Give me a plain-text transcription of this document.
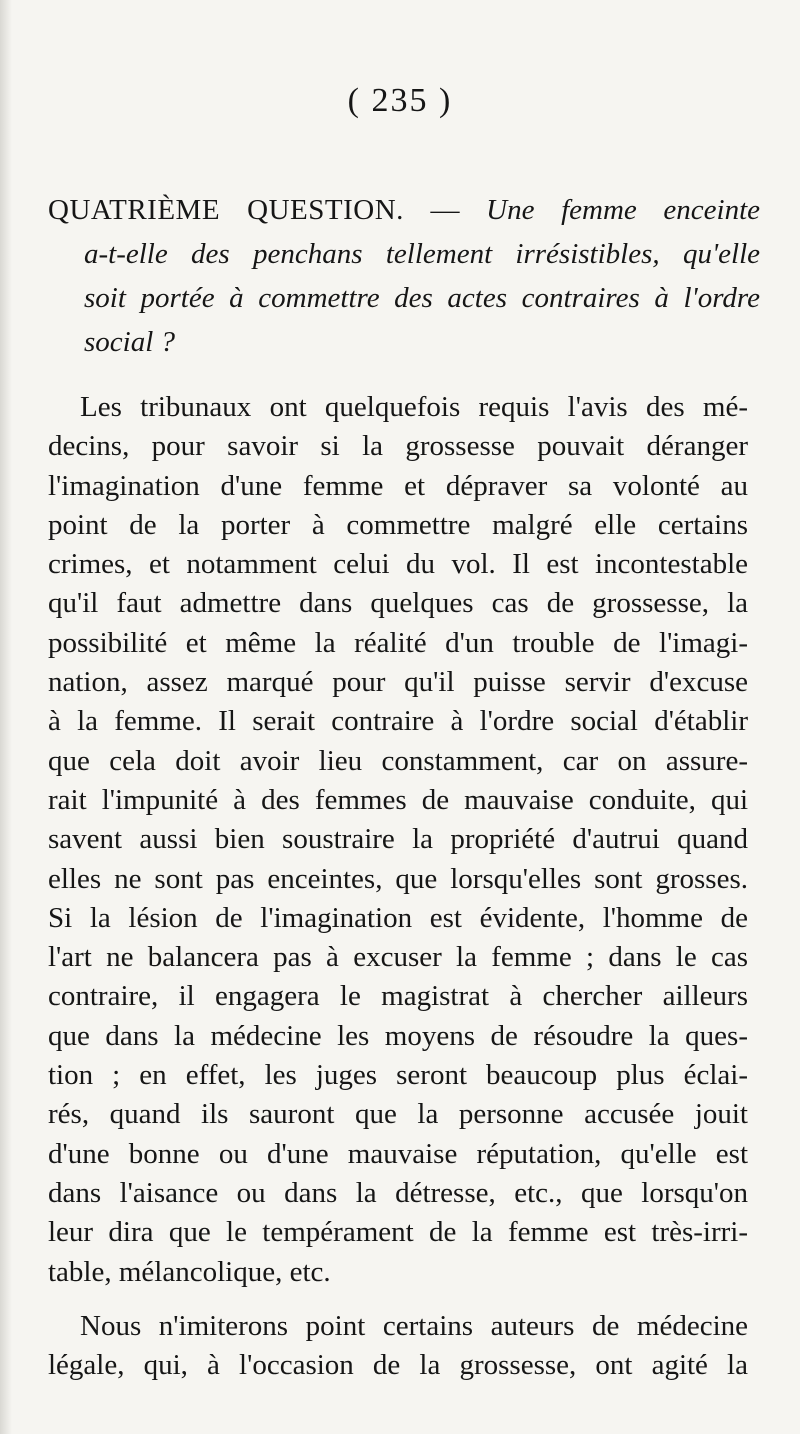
( 235 )
QUATRIÈME QUESTION. — Une femme enceinte
a-t-elle des penchans tellement irrésistibles, qu'elle
soit portée à commettre des actes contraires à l'ordre
social ?
Les tribunaux ont quelquefois requis l'avis des mé-
decins, pour savoir si la grossesse pouvait déranger
l'imagination d'une femme et dépraver sa volonté au
point de la porter à commettre malgré elle certains
crimes, et notamment celui du vol. Il est incontestable
qu'il faut admettre dans quelques cas de grossesse, la
possibilité et même la réalité d'un trouble de l'imagi-
nation, assez marqué pour qu'il puisse servir d'excuse
à la femme. Il serait contraire à l'ordre social d'établir
que cela doit avoir lieu constamment, car on assure-
rait l'impunité à des femmes de mauvaise conduite, qui
savent aussi bien soustraire la propriété d'autrui quand
elles ne sont pas enceintes, que lorsqu'elles sont grosses.
Si la lésion de l'imagination est évidente, l'homme de
l'art ne balancera pas à excuser la femme ; dans le cas
contraire, il engagera le magistrat à chercher ailleurs
que dans la médecine les moyens de résoudre la ques-
tion ; en effet, les juges seront beaucoup plus éclai-
rés, quand ils sauront que la personne accusée jouit
d'une bonne ou d'une mauvaise réputation, qu'elle est
dans l'aisance ou dans la détresse, etc., que lorsqu'on
leur dira que le tempérament de la femme est très-irri-
table, mélancolique, etc.
Nous n'imiterons point certains auteurs de médecine
légale, qui, à l'occasion de la grossesse, ont agité la
